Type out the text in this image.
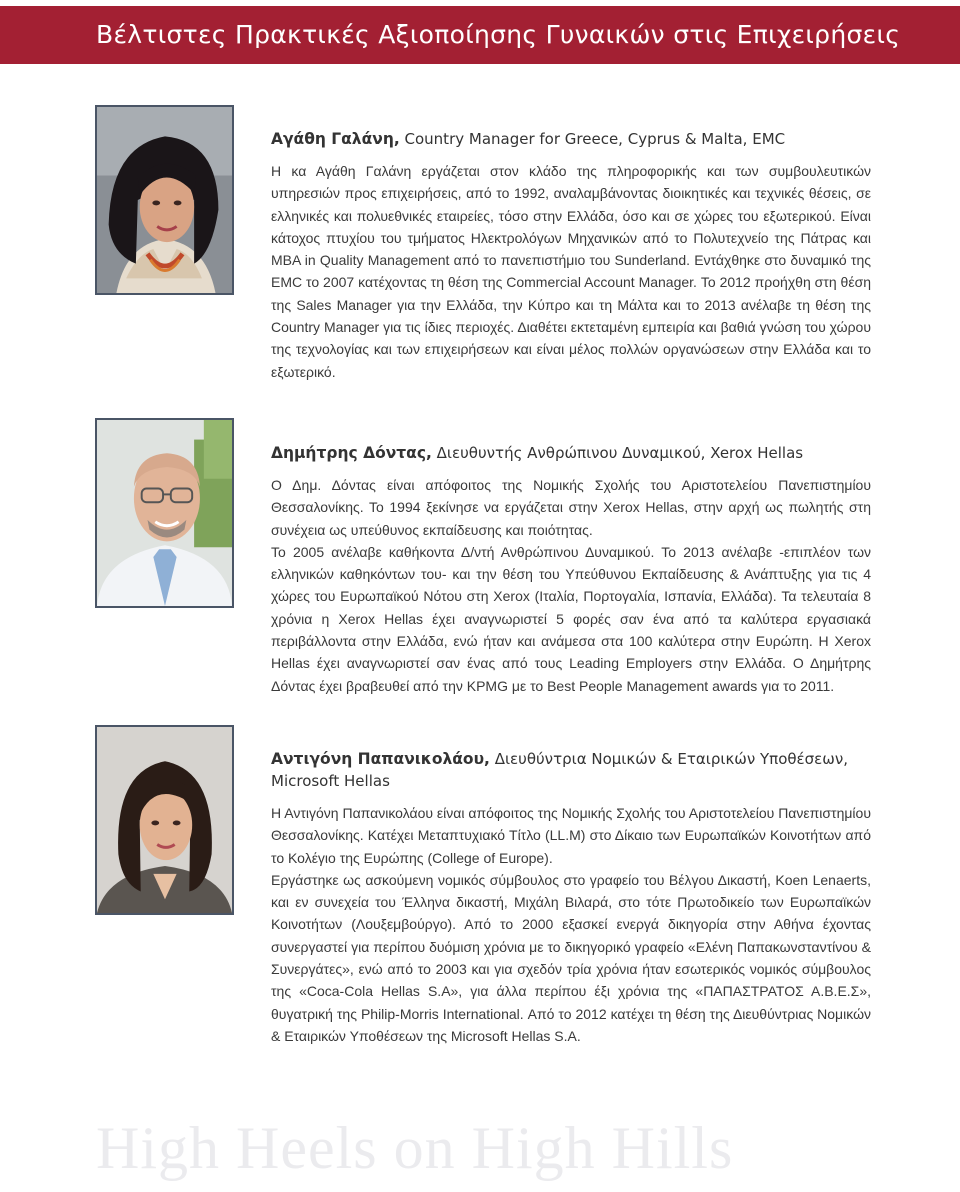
Βέλτιστες Πρακτικές Αξιοποίησης Γυναικών στις Επιχειρήσεις

Αγάθη Γαλάνη, Country Manager for Greece, Cyprus & Malta, EMC

Η κα Αγάθη Γαλάνη εργάζεται στον κλάδο της πληροφορικής και των συμβουλευτικών υπηρεσιών προς επιχειρήσεις, από το 1992, αναλαμβάνοντας διοικητικές και τεχνικές θέσεις, σε ελληνικές και πολυεθνικές εταιρείες, τόσο στην Ελλάδα, όσο και σε χώρες του εξωτερικού. Είναι κάτοχος πτυχίου του τμήματος Ηλεκτρολόγων Μηχανικών από το Πολυτεχνείο της Πάτρας και MBA in Quality Management από το πανεπιστήμιο του Sunderland. Εντάχθηκε στο δυναμικό της EMC το 2007 κατέχοντας τη θέση της Commercial Account Manager. Το 2012 προήχθη στη θέση της Sales Manager για την Ελλάδα, την Κύπρο και τη Μάλτα και το 2013 ανέλαβε τη θέση της Country Manager για τις ίδιες περιοχές. Διαθέτει εκτεταμένη εμπειρία και βαθιά γνώση του χώρου της τεχνολογίας και των επιχειρήσεων και είναι μέλος πολλών οργανώσεων στην Ελλάδα και το εξωτερικό.

Δημήτρης Δόντας, Διευθυντής Ανθρώπινου Δυναμικού, Xerox Hellas

Ο Δημ. Δόντας είναι απόφοιτος της Νομικής Σχολής του Αριστοτελείου Πανεπιστημίου Θεσσαλονίκης. Το 1994 ξεκίνησε να εργάζεται στην Xerox Hellas, στην αρχή ως πωλητής στη συνέχεια ως υπεύθυνος εκπαίδευσης και ποιότητας.

Το 2005 ανέλαβε καθήκοντα Δ/ντή Ανθρώπινου Δυναμικού. Το 2013 ανέλαβε -επιπλέον των ελληνικών καθηκόντων του- και την θέση του Υπεύθυνου Εκπαίδευσης & Ανάπτυξης για τις 4 χώρες του Ευρωπαϊκού Νότου στη Xerox (Ιταλία, Πορτογαλία, Ισπανία, Ελλάδα). Τα τελευταία 8 χρόνια η Xerox Hellas έχει αναγνωριστεί 5 φορές σαν ένα από τα καλύτερα εργασιακά περιβάλλοντα στην Ελλάδα, ενώ ήταν και ανάμεσα στα 100 καλύτερα στην Ευρώπη. Η Xerox Hellas έχει αναγνωριστεί σαν ένας από τους Leading Employers στην Ελλάδα. Ο Δημήτρης Δόντας έχει βραβευθεί από την KPMG με το Best People Management awards για το 2011.

Αντιγόνη Παπανικολάου, Διευθύντρια Νομικών & Εταιρικών Υποθέσεων, Microsoft Hellas

Η Αντιγόνη Παπανικολάου είναι απόφοιτος της Νομικής Σχολής του Αριστοτελείου Πανεπιστημίου Θεσσαλονίκης. Κατέχει Μεταπτυχιακό Τίτλο (LL.M) στο Δίκαιο των Ευρωπαϊκών Κοινοτήτων από το Κολέγιο της Ευρώπης (College of Europe).

Εργάστηκε ως ασκούμενη νομικός σύμβουλος στο γραφείο του Βέλγου Δικαστή, Koen Lenaerts, και εν συνεχεία του Έλληνα δικαστή, Μιχάλη Βιλαρά, στο τότε Πρωτοδικείο των Ευρωπαϊκών Κοινοτήτων (Λουξεμβούργο). Από το 2000 εξασκεί ενεργά δικηγορία στην Αθήνα έχοντας συνεργαστεί για περίπου δυόμιση χρόνια με το δικηγορικό γραφείο «Ελένη Παπακωνσταντίνου & Συνεργάτες», ενώ από το 2003 και για σχεδόν τρία χρόνια ήταν εσωτερικός νομικός σύμβουλος της «Coca-Cola Hellas S.A», για άλλα περίπου έξι χρόνια της «ΠΑΠΑΣΤΡΑΤΟΣ Α.Β.Ε.Σ», θυγατρική της Philip-Morris International. Από το 2012 κατέχει τη θέση της Διευθύντριας Νομικών & Εταιρικών Υποθέσεων της Microsoft Hellas S.A.

High Heels on High Hills
